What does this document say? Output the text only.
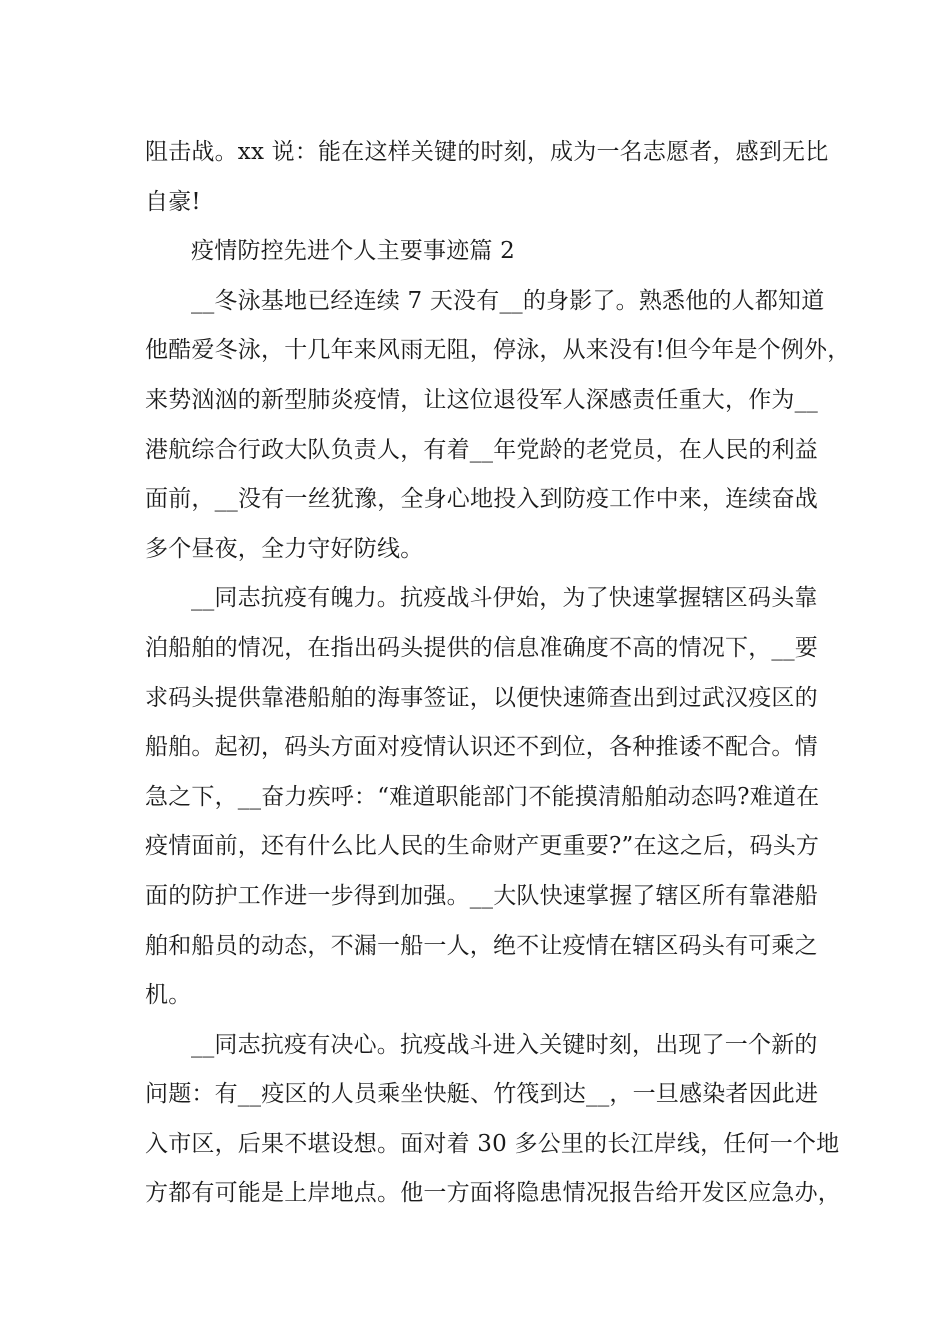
阻击战。xx 说：能在这样关键的时刻，成为一名志愿者，感到无比
自豪!
疫情防控先进个人主要事迹篇 2
__冬泳基地已经连续 7 天没有__的身影了。熟悉他的人都知道
他酷爱冬泳，十几年来风雨无阻，停泳，从来没有!但今年是个例外，
来势汹汹的新型肺炎疫情，让这位退役军人深感责任重大，作为__
港航综合行政大队负责人，有着__年党龄的老党员，在人民的利益
面前，__没有一丝犹豫，全身心地投入到防疫工作中来，连续奋战
多个昼夜，全力守好防线。
__同志抗疫有魄力。抗疫战斗伊始，为了快速掌握辖区码头靠
泊船舶的情况，在指出码头提供的信息准确度不高的情况下，__要
求码头提供靠港船舶的海事签证，以便快速筛查出到过武汉疫区的
船舶。起初，码头方面对疫情认识还不到位，各种推诿不配合。情
急之下，__奋力疾呼：“难道职能部门不能摸清船舶动态吗?难道在
疫情面前，还有什么比人民的生命财产更重要?”在这之后，码头方
面的防护工作进一步得到加强。__大队快速掌握了辖区所有靠港船
舶和船员的动态，不漏一船一人，绝不让疫情在辖区码头有可乘之
机。
__同志抗疫有决心。抗疫战斗进入关键时刻，出现了一个新的
问题：有__疫区的人员乘坐快艇、竹筏到达__，一旦感染者因此进
入市区，后果不堪设想。面对着 30 多公里的长江岸线，任何一个地
方都有可能是上岸地点。他一方面将隐患情况报告给开发区应急办，
